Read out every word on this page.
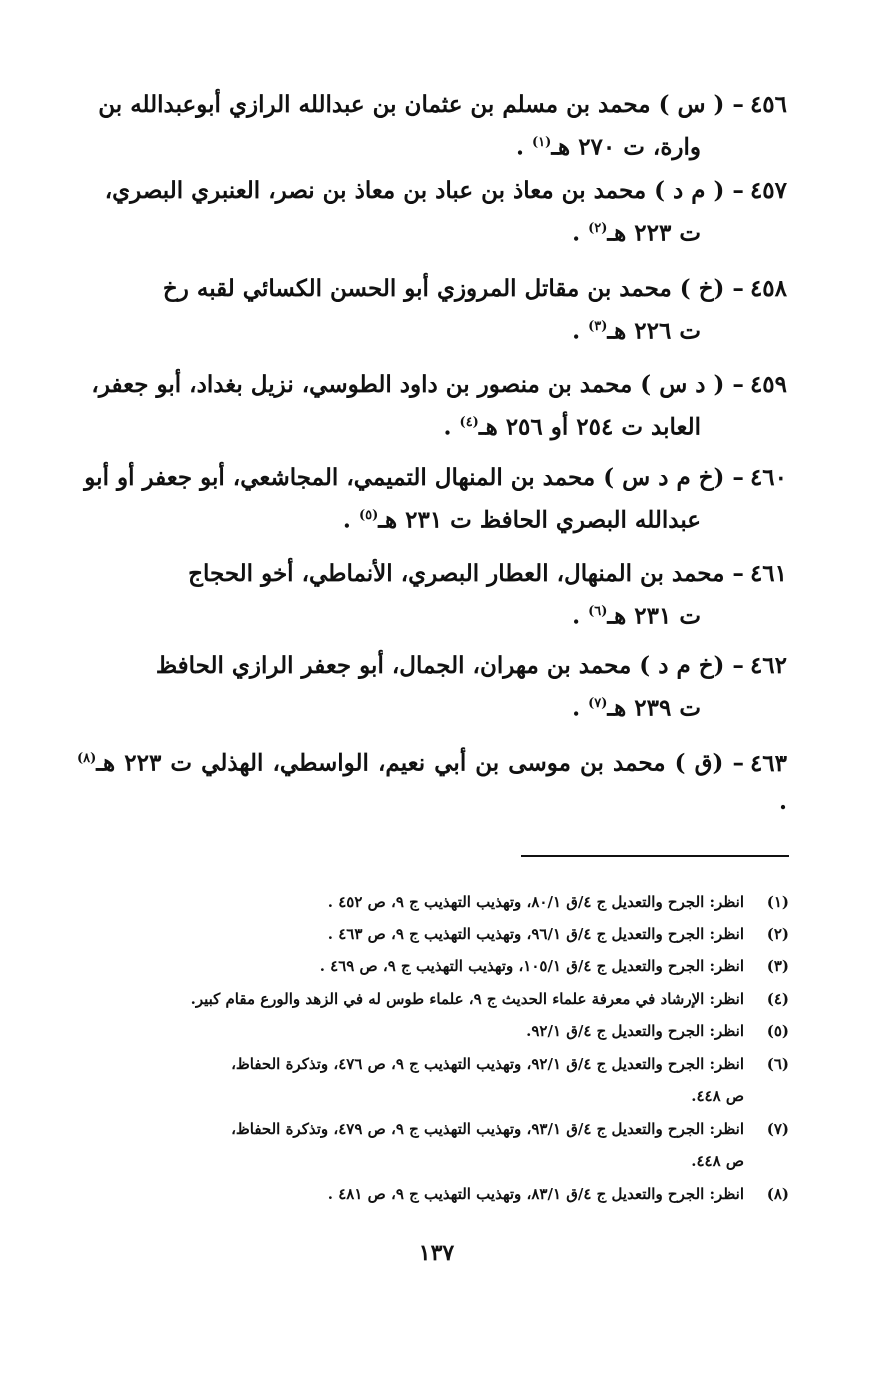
٤٥٦– ( س ) محمد بن مسلم بن عثمان بن عبدالله الرازي أبوعبدالله بن
وارة، ت ٢٧٠ هـ$^{(١)}$ .
٤٥٧– ( م د ) محمد بن معاذ بن عباد بن معاذ بن نصر، العنبري البصري،
ت ٢٢٣ هـ$^{(٢)}$ .
٤٥٨– (خ ) محمد بن مقاتل المروزي أبو الحسن الكسائي لقبه رخ
ت ٢٢٦ هـ$^{(٣)}$ .
٤٥٩– ( د س ) محمد بن منصور بن داود الطوسي، نزيل بغداد، أبو جعفر،
العابد ت ٢٥٤ أو ٢٥٦ هـ$^{(٤)}$ .
٤٦٠– (خ م د س ) محمد بن المنهال التميمي، المجاشعي، أبو جعفر أو أبو
عبدالله البصري الحافظ ت ٢٣١ هـ$^{(٥)}$ .
٤٦١– محمد بن المنهال، العطار البصري، الأنماطي، أخو الحجاج
ت ٢٣١ هـ$^{(٦)}$ .
٤٦٢– (خ م د ) محمد بن مهران، الجمال، أبو جعفر الرازي الحافظ
ت ٢٣٩ هـ$^{(٧)}$ .
٤٦٣– (ق ) محمد بن موسى بن أبي نعيم، الواسطي، الهذلي ت ٢٢٣ هـ$^{(٨)}$ .
(١)انظر: الجرح والتعديل ج ٤/ق ٨٠/١، وتهذيب التهذيب ج ٩، ص ٤٥٢ .
(٢)انظر: الجرح والتعديل ج ٤/ق ٩٦/١، وتهذيب التهذيب ج ٩، ص ٤٦٣ .
(٣)انظر: الجرح والتعديل ج ٤/ق ١٠٥/١، وتهذيب التهذيب ج ٩، ص ٤٦٩ .
(٤)انظر: الإرشاد في معرفة علماء الحديث ج ٩، علماء طوس له في الزهد والورع مقام كبير.
(٥)انظر: الجرح والتعديل ج ٤/ق ٩٢/١.
(٦)انظر: الجرح والتعديل ج ٤/ق ٩٢/١، وتهذيب التهذيب ج ٩، ص ٤٧٦، وتذكرة الحفاظ،
ص ٤٤٨.
(٧)انظر: الجرح والتعديل ج ٤/ق ٩٣/١، وتهذيب التهذيب ج ٩، ص ٤٧٩، وتذكرة الحفاظ،
ص ٤٤٨.
(٨)انظر: الجرح والتعديل ج ٤/ق ٨٣/١، وتهذيب التهذيب ج ٩، ص ٤٨١ .
١٣٧
